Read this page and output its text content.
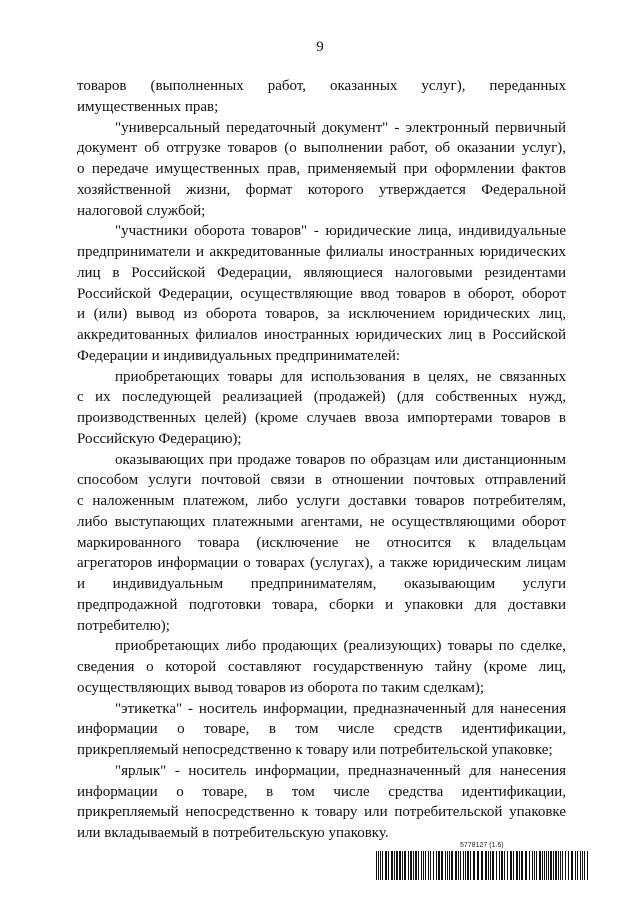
9
товаров (выполненных работ, оказанных услуг), переданных
имущественных прав;
"универсальный передаточный документ" - электронный первичный
документ об отгрузке товаров (о выполнении работ, об оказании услуг),
о передаче имущественных прав, применяемый при оформлении фактов
хозяйственной жизни, формат которого утверждается Федеральной
налоговой службой;
"участники оборота товаров" - юридические лица, индивидуальные
предприниматели и аккредитованные филиалы иностранных юридических
лиц в Российской Федерации, являющиеся налоговыми резидентами
Российской Федерации, осуществляющие ввод товаров в оборот, оборот
и (или) вывод из оборота товаров, за исключением юридических лиц,
аккредитованных филиалов иностранных юридических лиц в Российской
Федерации и индивидуальных предпринимателей:
приобретающих товары для использования в целях, не связанных
с их последующей реализацией (продажей) (для собственных нужд,
производственных целей) (кроме случаев ввоза импортерами товаров в
Российскую Федерацию);
оказывающих при продаже товаров по образцам или дистанционным
способом услуги почтовой связи в отношении почтовых отправлений
с наложенным платежом, либо услуги доставки товаров потребителям,
либо выступающих платежными агентами, не осуществляющими оборот
маркированного товара (исключение не относится к владельцам
агрегаторов информации о товарах (услугах), а также юридическим лицам
и индивидуальным предпринимателям, оказывающим услуги
предпродажной подготовки товара, сборки и упаковки для доставки
потребителю);
приобретающих либо продающих (реализующих) товары по сделке,
сведения о которой составляют государственную тайну (кроме лиц,
осуществляющих вывод товаров из оборота по таким сделкам);
"этикетка" - носитель информации, предназначенный для нанесения
информации о товаре, в том числе средств идентификации,
прикрепляемый непосредственно к товару или потребительской упаковке;
"ярлык" - носитель информации, предназначенный для нанесения
информации о товаре, в том числе средства идентификации,
прикрепляемый непосредственно к товару или потребительской упаковке
или вкладываемый в потребительскую упаковку.
5778127 (1.6)
